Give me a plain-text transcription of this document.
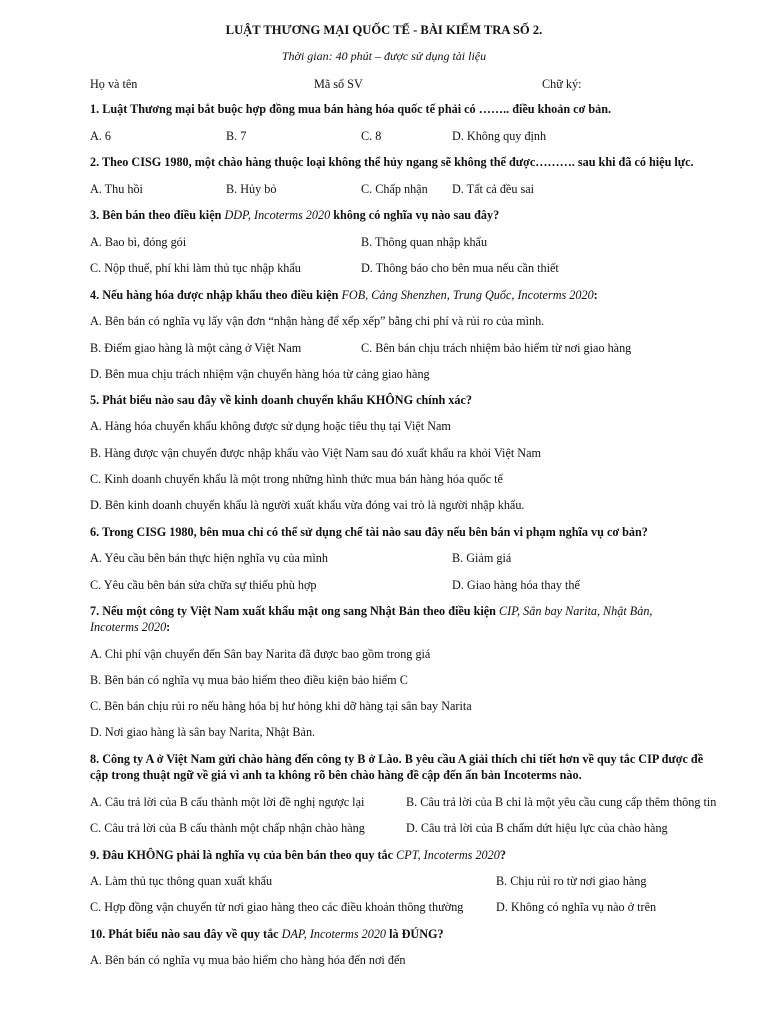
LUẬT THƯƠNG MẠI QUỐC TẾ - BÀI KIỂM TRA SỐ 2.
Thời gian: 40 phút – được sử dụng tài liệu
Họ và tên	Mã số SV	Chữ ký:
1. Luật Thương mại bắt buộc hợp đồng mua bán hàng hóa quốc tế phải có …….. điều khoản cơ bản.
A. 6	B. 7	C. 8	D. Không quy định
2. Theo CISG 1980, một chào hàng thuộc loại không thể hủy ngang sẽ không thể được………. sau khi đã có hiệu lực.
A. Thu hồi	B. Hủy bỏ	C. Chấp nhận D. Tất cả đều sai
3. Bên bán theo điều kiện DDP, Incoterms 2020 không có nghĩa vụ nào sau đây?
A. Bao bì, đóng gói	B. Thông quan nhập khẩu
C. Nộp thuế, phí khi làm thủ tục nhập khẩu	D. Thông báo cho bên mua nếu cần thiết
4. Nếu hàng hóa được nhập khẩu theo điều kiện FOB, Cảng Shenzhen, Trung Quốc, Incoterms 2020:
A. Bên bán có nghĩa vụ lấy vận đơn “nhận hàng để xếp xếp” bằng chi phí và rủi ro của mình.
B. Điểm giao hàng là một cảng ở Việt Nam	C. Bên bán chịu trách nhiệm bảo hiểm từ nơi giao hàng
D. Bên mua chịu trách nhiệm vận chuyển hàng hóa từ cảng giao hàng
5. Phát biểu nào sau đây về kinh doanh chuyển khẩu KHÔNG chính xác?
A. Hàng hóa chuyển khẩu không được sử dụng hoặc tiêu thụ tại Việt Nam
B. Hàng được vận chuyển được nhập khẩu vào Việt Nam sau đó xuất khẩu ra khỏi Việt Nam
C. Kinh doanh chuyển khẩu là một trong những hình thức mua bán hàng hóa quốc tế
D. Bên kinh doanh chuyển khẩu là người xuất khẩu vừa đóng vai trò là người nhập khẩu.
6. Trong CISG 1980, bên mua chỉ có thể sử dụng chế tài nào sau đây nếu bên bán vi phạm nghĩa vụ cơ bản?
A. Yêu cầu bên bán thực hiện nghĩa vụ của mình	B. Giảm giá
C. Yêu cầu bên bán sửa chữa sự thiếu phù hợp	D. Giao hàng hóa thay thế
7. Nếu một công ty Việt Nam xuất khẩu mật ong sang Nhật Bản theo điều kiện CIP, Sân bay Narita, Nhật Bản,
Incoterms 2020:
A. Chi phí vận chuyển đến Sân bay Narita đã được bao gồm trong giá
B. Bên bán có nghĩa vụ mua bảo hiểm theo điều kiện bảo hiểm C
C. Bên bán chịu rủi ro nếu hàng hóa bị hư hỏng khi dỡ hàng tại sân bay Narita
D. Nơi giao hàng là sân bay Narita, Nhật Bản.
8. Công ty A ở Việt Nam gửi chào hàng đến công ty B ở Lào. B yêu cầu A giải thích chi tiết hơn về quy tắc CIP được đề
cập trong thuật ngữ về giá vì anh ta không rõ bên chào hàng đề cập đến ấn bản Incoterms nào.
A. Câu trả lời của B cấu thành một lời đề nghị ngược lại	B. Câu trả lời của B chỉ là một yêu cầu cung cấp thêm thông tin
C. Câu trả lời của B cấu thành một chấp nhận chào hàng	D. Câu trả lời của B chấm dứt hiệu lực của chào hàng
9. Đâu KHÔNG phải là nghĩa vụ của bên bán theo quy tắc CPT, Incoterms 2020?
A. Làm thủ tục thông quan xuất khẩu	B. Chịu rủi ro từ nơi giao hàng
C. Hợp đồng vận chuyển từ nơi giao hàng theo các điều khoản thông thường	D. Không có nghĩa vụ nào ở trên
10. Phát biểu nào sau đây về quy tắc DAP, Incoterms 2020 là ĐÚNG?
A. Bên bán có nghĩa vụ mua bảo hiểm cho hàng hóa đến nơi đến
